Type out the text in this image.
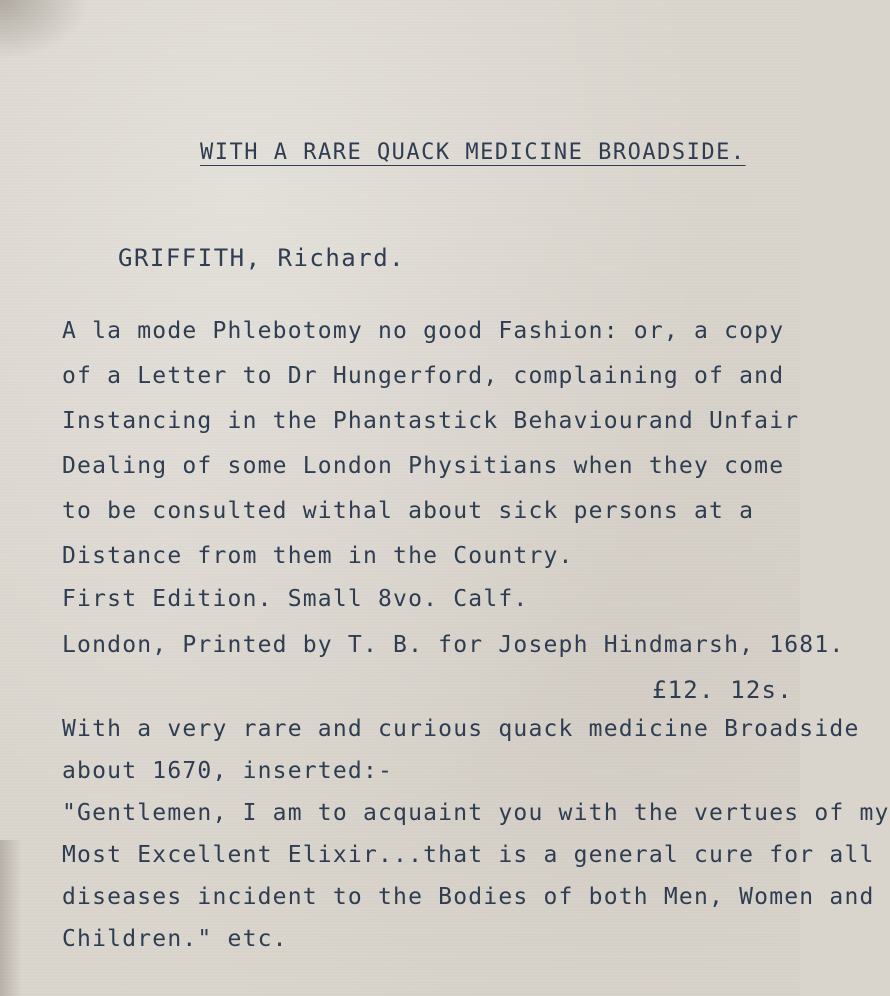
WITH A RARE QUACK MEDICINE BROADSIDE.
GRIFFITH, Richard.
A la mode Phlebotomy no good Fashion: or, a copy
of a Letter to Dr Hungerford, complaining of and
Instancing in the Phantastick Behaviourand Unfair
Dealing of some London Physitians when they come
to be consulted withal about sick persons at a
Distance from them in the Country.
First Edition. Small 8vo. Calf.
London, Printed by T. B. for Joseph Hindmarsh, 1681.
£12. 12s.
With a very rare and curious quack medicine Broadside
about 1670, inserted:-
"Gentlemen, I am to acquaint you with the vertues of my
Most Excellent Elixir...that is a general cure for all
diseases incident to the Bodies of both Men, Women and
Children." etc.
